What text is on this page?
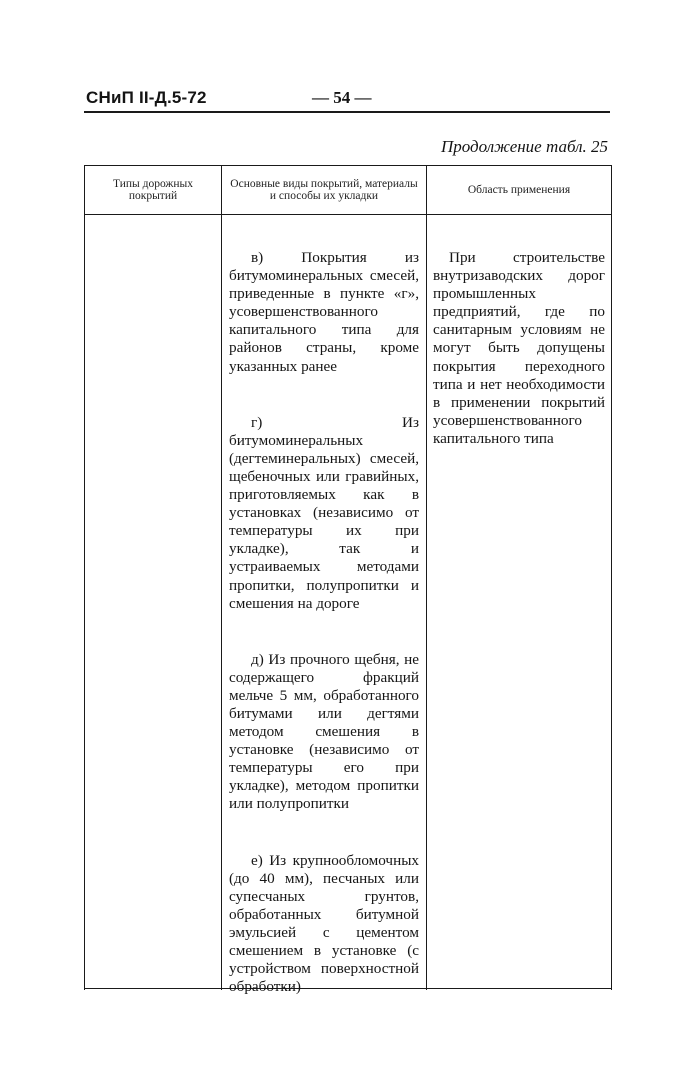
СНиП II-Д.5-72	— 54 —
Продолжение табл. 25
Типы дорожных покрытий
Основные виды покрытий, материалы и способы их укладки	Область применения

в) Покрытия из битумоминеральных смесей, приведенные в пункте «г», усовершенствованного капитального типа для районов страны, кроме указанных ранее

г) Из битумоминеральных (дегтеминеральных) смесей, щебеночных или гравийных, приготовляемых как в установках (независимо от температуры их при укладке), так и устраиваемых методами пропитки, полупропитки и смешения на дороге

д) Из прочного щебня, не содержащего фракций мельче 5 мм, обработанного битумами или дегтями методом смешения в установке (независимо от температуры его при укладке), методом пропитки или полупропитки

е) Из крупнообломочных (до 40 мм), песчаных или супесчаных грунтов, обработанных битумной эмульсией с цементом смешением в установке (с устройством поверхностной обработки)

При строительстве внутризаводских дорог промышленных предприятий, где по санитарным условиям не могут быть допущены покрытия переходного типа и нет необходимости в применении покрытий усовершенствованного капитального типа
